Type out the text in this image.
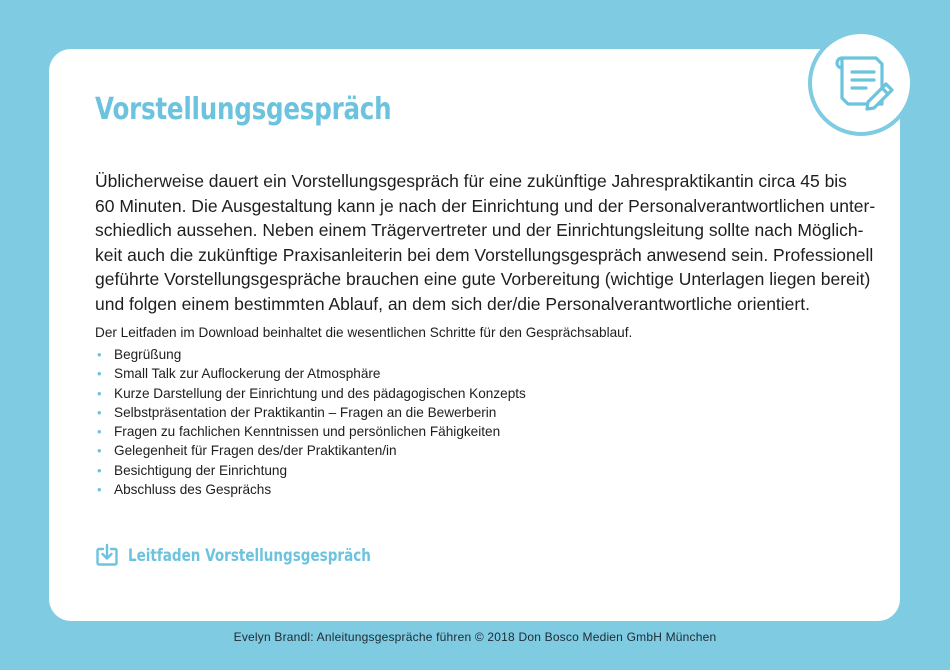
Vorstellungsgespräch

Üblicherweise dauert ein Vorstellungsgespräch für eine zukünftige Jahrespraktikantin circa 45 bis
60 Minuten. Die Ausgestaltung kann je nach der Einrichtung und der Personalverantwortlichen unter-
schiedlich aussehen. Neben einem Trägervertreter und der Einrichtungsleitung sollte nach Möglich-
keit auch die zukünftige Praxisanleiterin bei dem Vorstellungsgespräch anwesend sein. Professionell
geführte Vorstellungsgespräche brauchen eine gute Vorbereitung (wichtige Unterlagen liegen bereit)
und folgen einem bestimmten Ablauf, an dem sich der/die Personalverantwortliche orientiert.

Der Leitfaden im Download beinhaltet die wesentlichen Schritte für den Gesprächsablauf.

• Begrüßung
• Small Talk zur Auflockerung der Atmosphäre
• Kurze Darstellung der Einrichtung und des pädagogischen Konzepts
• Selbstpräsentation der Praktikantin – Fragen an die Bewerberin
• Fragen zu fachlichen Kenntnissen und persönlichen Fähigkeiten
• Gelegenheit für Fragen des/der Praktikanten/in
• Besichtigung der Einrichtung
• Abschluss des Gesprächs
Leitfaden Vorstellungsgespräch
Evelyn Brandl: Anleitungsgespräche führen © 2018 Don Bosco Medien GmbH München
